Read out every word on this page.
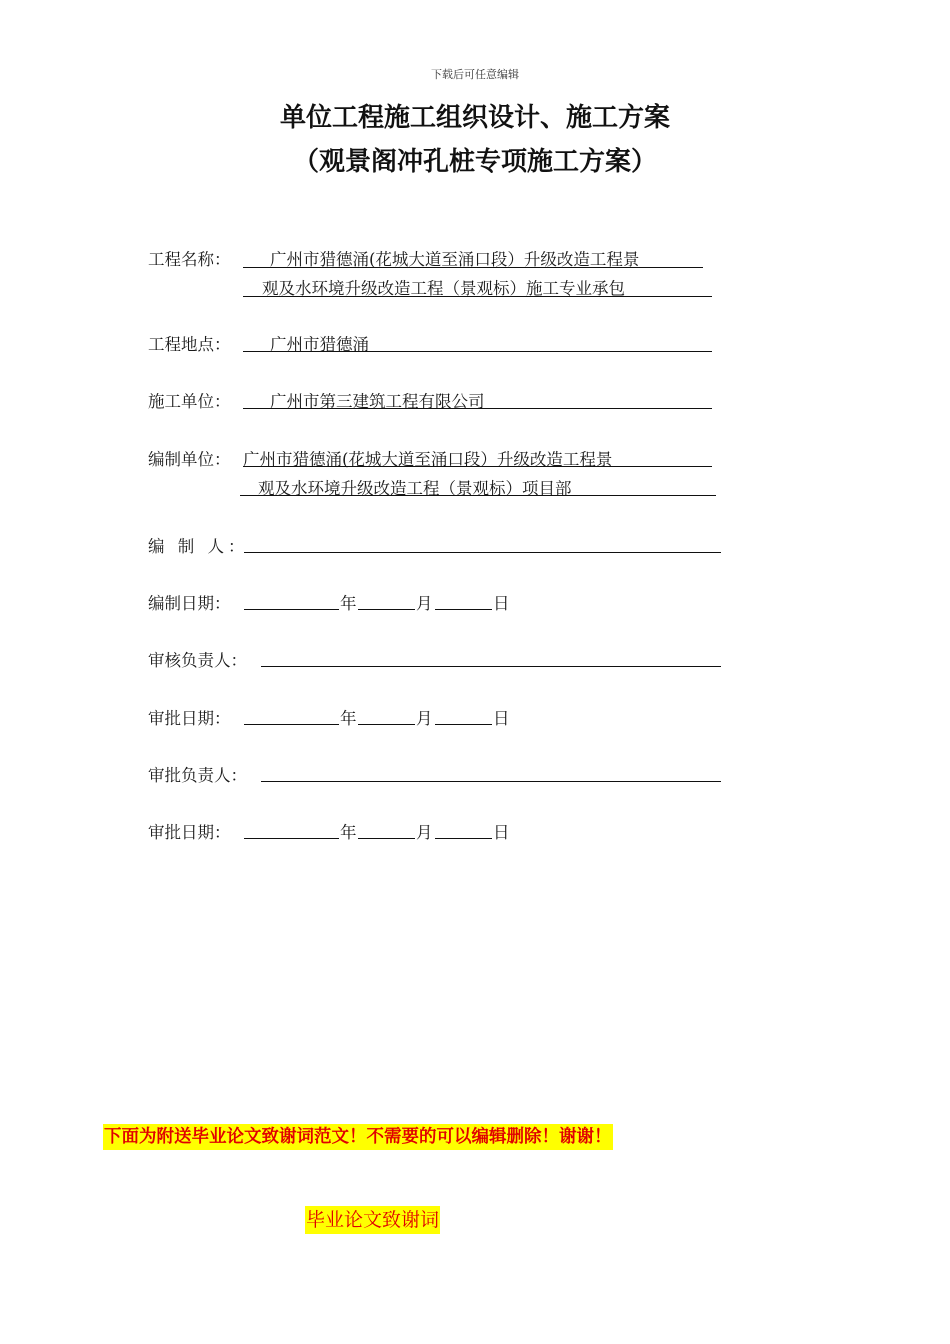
下载后可任意编辑
单位工程施工组织设计、施工方案
（观景阁冲孔桩专项施工方案）
工程名称： 广州市猎德涌(花城大道至涌口段）升级改造工程景
观及水环境升级改造工程（景观标）施工专业承包
工程地点： 广州市猎德涌
施工单位： 广州市第三建筑工程有限公司
编制单位： 广州市猎德涌(花城大道至涌口段）升级改造工程景
观及水环境升级改造工程（景观标）项目部
编 制 人：
编制日期：	年	月	日
审核负责人：
审批日期：	年	月	日
审批负责人：
审批日期：	年	月	日
下面为附送毕业论文致谢词范文！不需要的可以编辑删除！谢谢！
毕业论文致谢词
